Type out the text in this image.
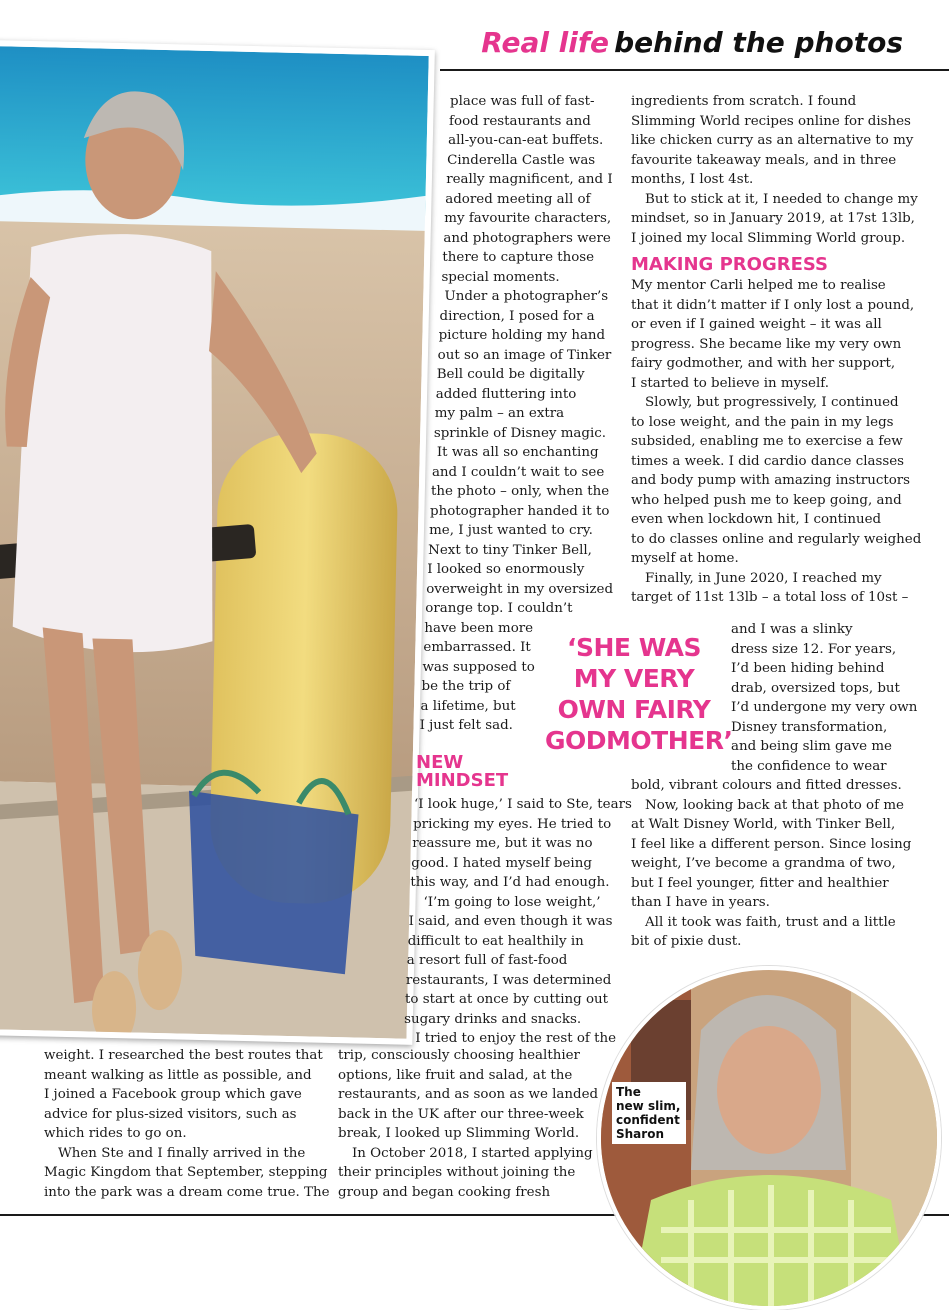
Real life behind the photos
place was full of fast-
food restaurants and
all-you-can-eat buffets.
Cinderella Castle was
really magnificent, and I
adored meeting all of
my favourite characters,
and photographers were
there to capture those
special moments.
Under a photographer’s
direction, I posed for a
picture holding my hand
out so an image of Tinker
Bell could be digitally
added fluttering into
my palm – an extra
sprinkle of Disney magic.
It was all so enchanting
and I couldn’t wait to see
the photo – only, when the
photographer handed it to
me, I just wanted to cry.
Next to tiny Tinker Bell,
I looked so enormously
overweight in my oversized
orange top. I couldn’t
have been more
embarrassed. It
was supposed to
be the trip of
a lifetime, but
I just felt sad.
NEW
MINDSET
‘I look huge,’ I said to Ste, tears
pricking my eyes. He tried to
reassure me, but it was no
good. I hated myself being
this way, and I’d had enough.
‘I’m going to lose weight,’
I said, and even though it was
difficult to eat healthily in
a resort full of fast-food
restaurants, I was determined
to start at once by cutting out
sugary drinks and snacks.
I tried to enjoy the rest of the
weight. I researched the best routes that
meant walking as little as possible, and
I joined a Facebook group which gave
advice for plus-sized visitors, such as
which rides to go on.
When Ste and I finally arrived in the
Magic Kingdom that September, stepping
into the park was a dream come true. The
trip, consciously choosing healthier
options, like fruit and salad, at the
restaurants, and as soon as we landed
back in the UK after our three-week
break, I looked up Slimming World.
In October 2018, I started applying
their principles without joining the
group and began cooking fresh
ingredients from scratch. I found
Slimming World recipes online for dishes
like chicken curry as an alternative to my
favourite takeaway meals, and in three
months, I lost 4st.
But to stick at it, I needed to change my
mindset, so in January 2019, at 17st 13lb,
I joined my local Slimming World group.
MAKING PROGRESS
My mentor Carli helped me to realise
that it didn’t matter if I only lost a pound,
or even if I gained weight – it was all
progress. She became like my very own
fairy godmother, and with her support,
I started to believe in myself.
Slowly, but progressively, I continued
to lose weight, and the pain in my legs
subsided, enabling me to exercise a few
times a week. I did cardio dance classes
and body pump with amazing instructors
who helped push me to keep going, and
even when lockdown hit, I continued
to do classes online and regularly weighed
myself at home.
Finally, in June 2020, I reached my
target of 11st 13lb – a total loss of 10st –
and I was a slinky
dress size 12. For years,
I’d been hiding behind
drab, oversized tops, but
I’d undergone my very own
Disney transformation,
and being slim gave me
the confidence to wear
bold, vibrant colours and fitted dresses.
Now, looking back at that photo of me
at Walt Disney World, with Tinker Bell,
I feel like a different person. Since losing
weight, I’ve become a grandma of two,
but I feel younger, fitter and healthier
than I have in years.
All it took was faith, trust and a little
bit of pixie dust.
‘SHE WAS
MY VERY
OWN FAIRY
GODMOTHER’
The
new slim,
confident
Sharon
